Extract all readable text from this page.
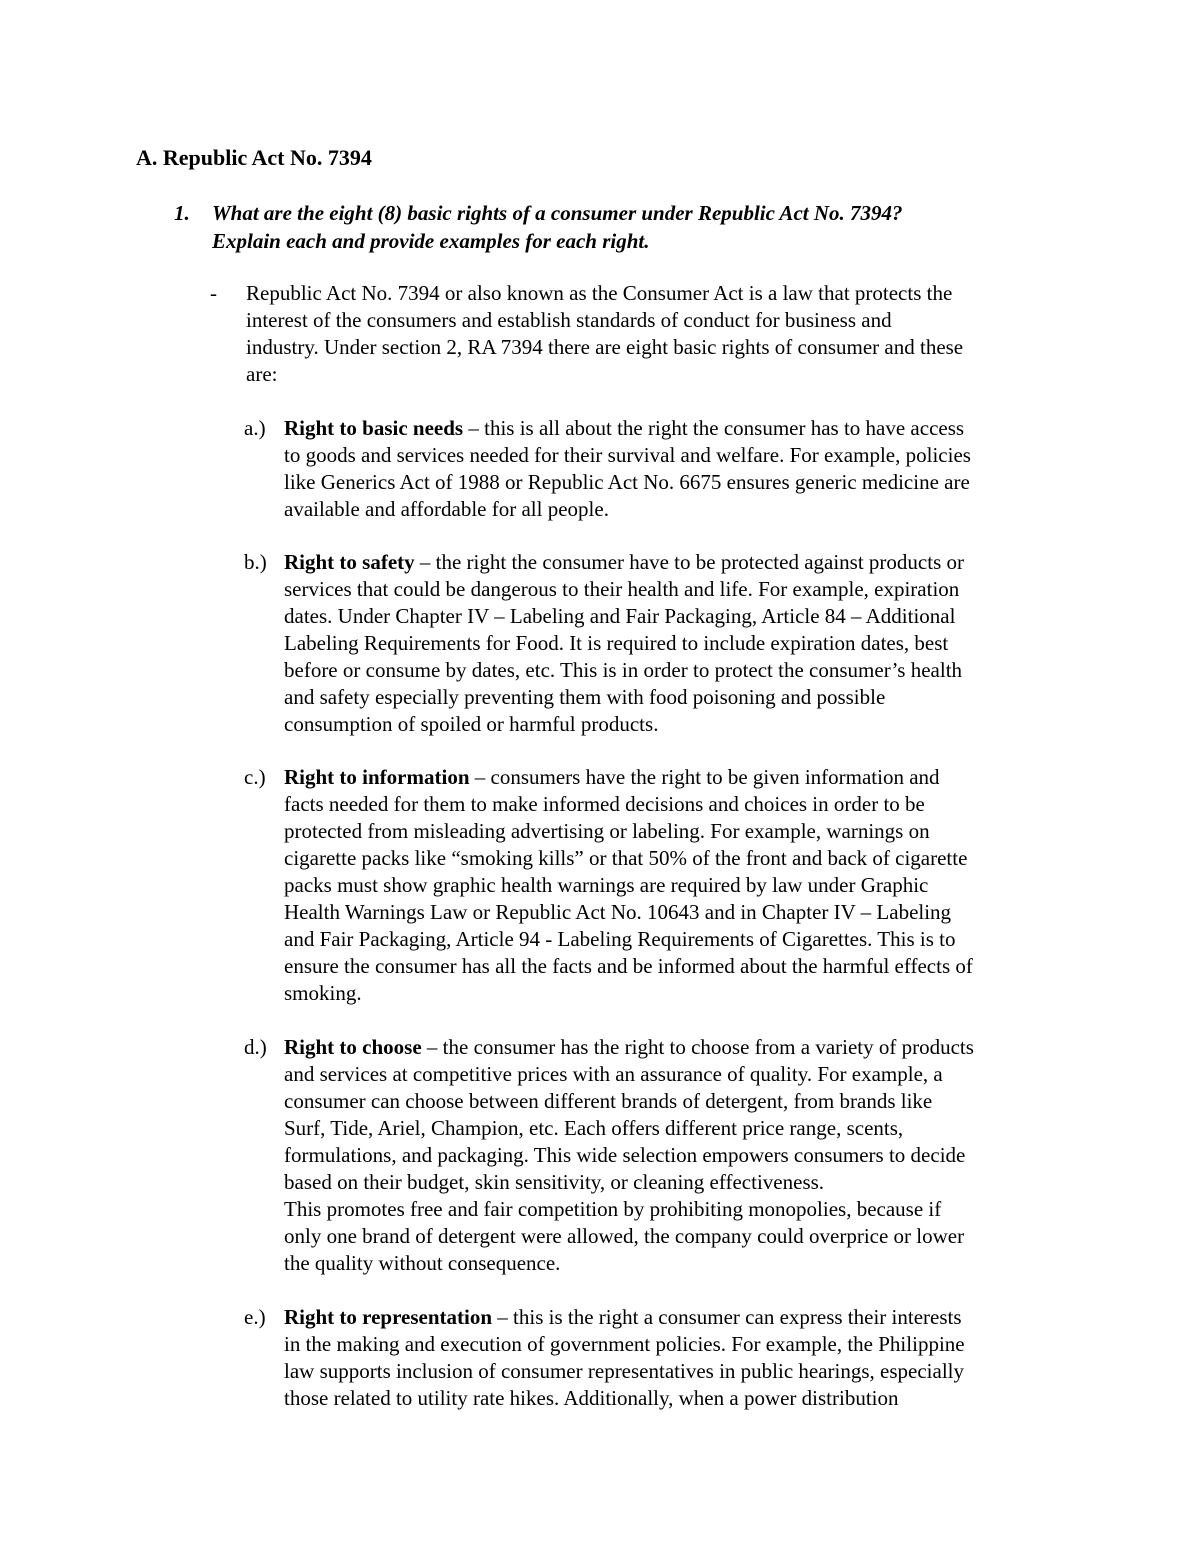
A. Republic Act No. 7394
1. What are the eight (8) basic rights of a consumer under Republic Act No. 7394?
Explain each and provide examples for each right.
- Republic Act No. 7394 or also known as the Consumer Act is a law that protects the
interest of the consumers and establish standards of conduct for business and
industry. Under section 2, RA 7394 there are eight basic rights of consumer and these
are:
a.) Right to basic needs – this is all about the right the consumer has to have access
to goods and services needed for their survival and welfare. For example, policies
like Generics Act of 1988 or Republic Act No. 6675 ensures generic medicine are
available and affordable for all people.
b.) Right to safety – the right the consumer have to be protected against products or
services that could be dangerous to their health and life. For example, expiration
dates. Under Chapter IV – Labeling and Fair Packaging, Article 84 – Additional
Labeling Requirements for Food. It is required to include expiration dates, best
before or consume by dates, etc. This is in order to protect the consumer’s health
and safety especially preventing them with food poisoning and possible
consumption of spoiled or harmful products.
c.) Right to information – consumers have the right to be given information and
facts needed for them to make informed decisions and choices in order to be
protected from misleading advertising or labeling. For example, warnings on
cigarette packs like “smoking kills” or that 50% of the front and back of cigarette
packs must show graphic health warnings are required by law under Graphic
Health Warnings Law or Republic Act No. 10643 and in Chapter IV – Labeling
and Fair Packaging, Article 94 - Labeling Requirements of Cigarettes. This is to
ensure the consumer has all the facts and be informed about the harmful effects of
smoking.
d.) Right to choose – the consumer has the right to choose from a variety of products
and services at competitive prices with an assurance of quality. For example, a
consumer can choose between different brands of detergent, from brands like
Surf, Tide, Ariel, Champion, etc. Each offers different price range, scents,
formulations, and packaging. This wide selection empowers consumers to decide
based on their budget, skin sensitivity, or cleaning effectiveness.
This promotes free and fair competition by prohibiting monopolies, because if
only one brand of detergent were allowed, the company could overprice or lower
the quality without consequence.
e.) Right to representation – this is the right a consumer can express their interests
in the making and execution of government policies. For example, the Philippine
law supports inclusion of consumer representatives in public hearings, especially
those related to utility rate hikes. Additionally, when a power distribution
